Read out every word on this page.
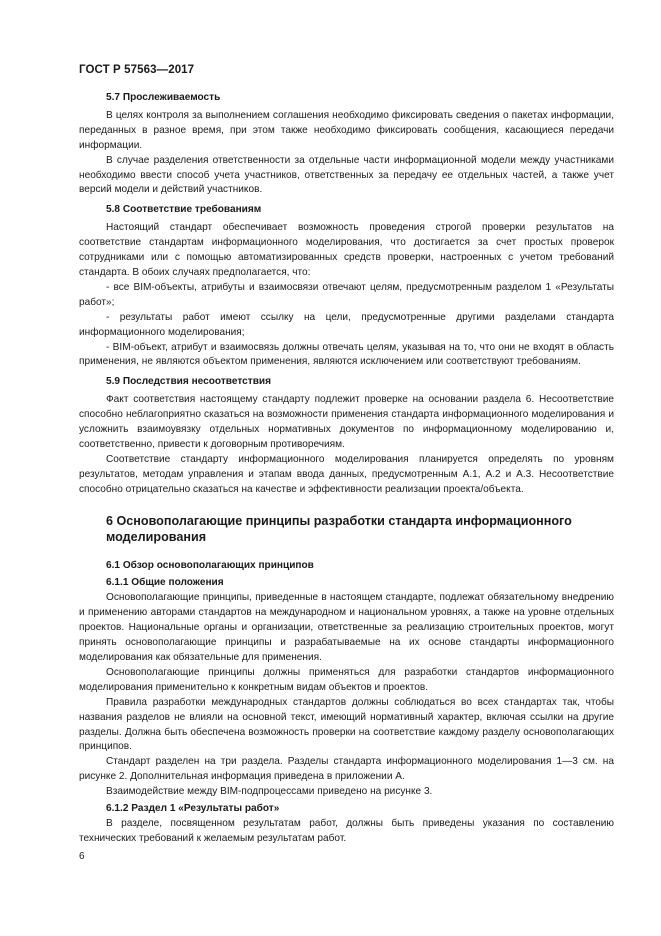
ГОСТ Р 57563—2017

5.7 Прослеживаемость

В целях контроля за выполнением соглашения необходимо фиксировать сведения о пакетах информации, переданных в разное время, при этом также необходимо фиксировать сообщения, касающиеся передачи информации.

В случае разделения ответственности за отдельные части информационной модели между участниками необходимо ввести способ учета участников, ответственных за передачу ее отдельных частей, а также учет версий модели и действий участников.

5.8 Соответствие требованиям

Настоящий стандарт обеспечивает возможность проведения строгой проверки результатов на соответствие стандартам информационного моделирования, что достигается за счет простых проверок сотрудниками или с помощью автоматизированных средств проверки, настроенных с учетом требований стандарта. В обоих случаях предполагается, что:

- все BIM-объекты, атрибуты и взаимосвязи отвечают целям, предусмотренным разделом 1 «Результаты работ»;

- результаты работ имеют ссылку на цели, предусмотренные другими разделами стандарта информационного моделирования;

- BIM-объект, атрибут и взаимосвязь должны отвечать целям, указывая на то, что они не входят в область применения, не являются объектом применения, являются исключением или соответствуют требованиям.

5.9 Последствия несоответствия

Факт соответствия настоящему стандарту подлежит проверке на основании раздела 6. Несоответствие способно неблагоприятно сказаться на возможности применения стандарта информационного моделирования и усложнить взаимоувязку отдельных нормативных документов по информационному моделированию и, соответственно, привести к договорным противоречиям.

Соответствие стандарту информационного моделирования планируется определять по уровням результатов, методам управления и этапам ввода данных, предусмотренным А.1, А.2 и А.3. Несоответствие способно отрицательно сказаться на качестве и эффективности реализации проекта/объекта.

6 Основополагающие принципы разработки стандарта информационного моделирования

6.1 Обзор основополагающих принципов

6.1.1 Общие положения

Основополагающие принципы, приведенные в настоящем стандарте, подлежат обязательному внедрению и применению авторами стандартов на международном и национальном уровнях, а также на уровне отдельных проектов. Национальные органы и организации, ответственные за реализацию строительных проектов, могут принять основополагающие принципы и разрабатываемые на их основе стандарты информационного моделирования как обязательные для применения.

Основополагающие принципы должны применяться для разработки стандартов информационного моделирования применительно к конкретным видам объектов и проектов.

Правила разработки международных стандартов должны соблюдаться во всех стандартах так, чтобы названия разделов не влияли на основной текст, имеющий нормативный характер, включая ссылки на другие разделы. Должна быть обеспечена возможность проверки на соответствие каждому разделу основополагающих принципов.

Стандарт разделен на три раздела. Разделы стандарта информационного моделирования 1—3 см. на рисунке 2. Дополнительная информация приведена в приложении А.

Взаимодействие между BIM-подпроцессами приведено на рисунке 3.

6.1.2 Раздел 1 «Результаты работ»

В разделе, посвященном результатам работ, должны быть приведены указания по составлению технических требований к желаемым результатам работ.

6
